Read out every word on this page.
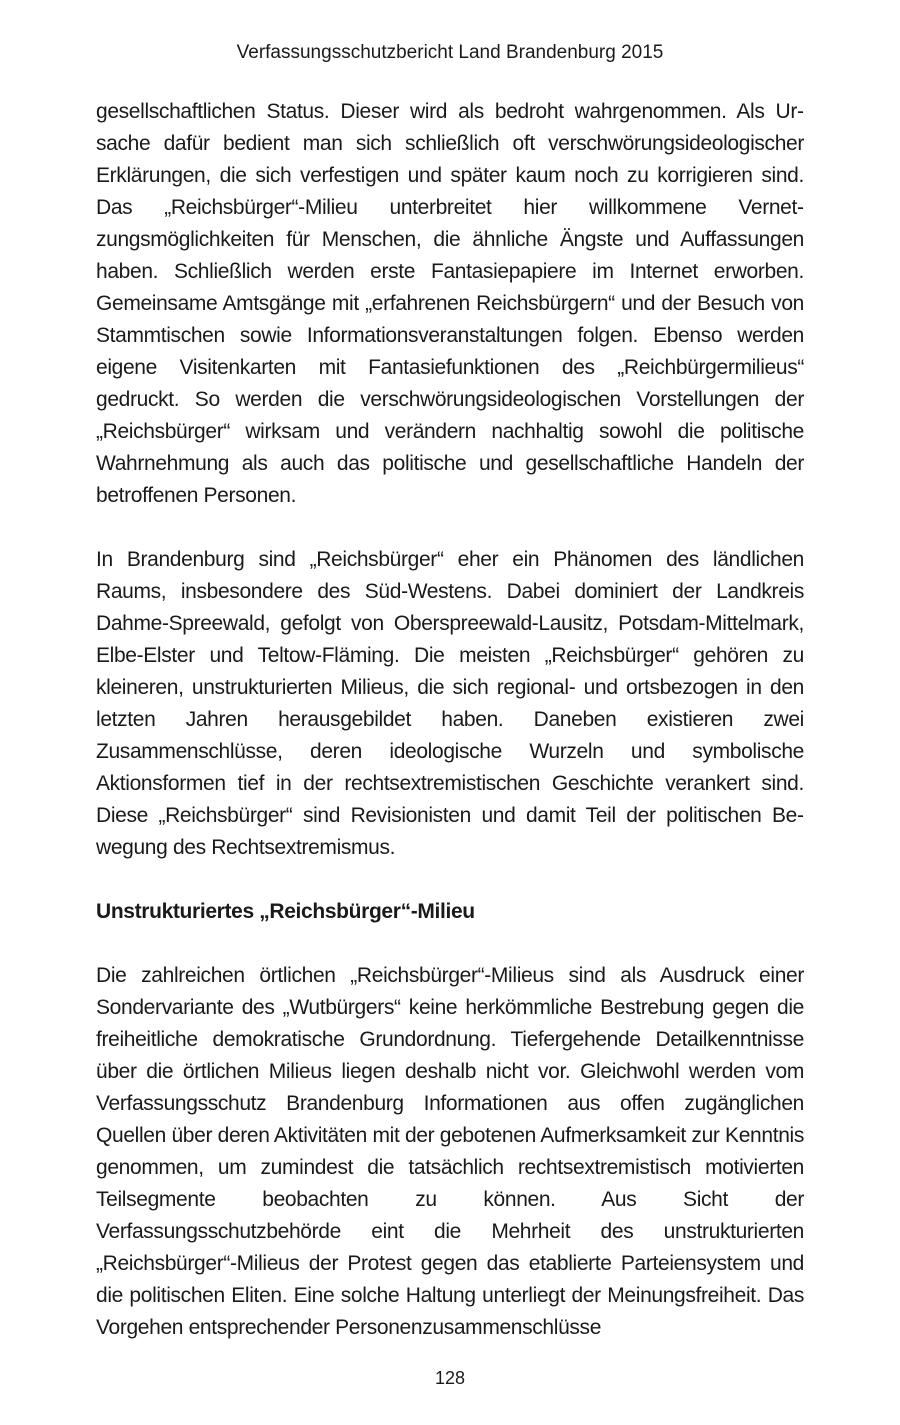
Verfassungsschutzbericht Land Brandenburg 2015

gesellschaftlichen Status. Dieser wird als bedroht wahrgenommen. Als Ursache dafür bedient man sich schließlich oft verschwörungsideologischer Erklärungen, die sich verfestigen und später kaum noch zu korrigieren sind. Das „Reichsbürger“-Milieu unterbreitet hier willkommene Vernetzungsmöglichkeiten für Menschen, die ähnliche Ängste und Auffassungen haben. Schließlich werden erste Fantasiepapiere im Internet erworben. Gemeinsame Amtsgänge mit „erfahrenen Reichsbürgern“ und der Besuch von Stammtischen sowie Informationsveranstaltungen folgen. Ebenso werden eigene Visitenkarten mit Fantasiefunktionen des „Reichbürgermilieus“ gedruckt. So werden die verschwörungsideologischen Vorstellungen der „Reichsbürger“ wirksam und verändern nachhaltig sowohl die politische Wahrnehmung als auch das politische und gesellschaftliche Handeln der betroffenen Personen.

In Brandenburg sind „Reichsbürger“ eher ein Phänomen des ländlichen Raums, insbesondere des Süd-Westens. Dabei dominiert der Landkreis Dahme-Spreewald, gefolgt von Oberspreewald-Lausitz, Potsdam-Mittelmark, Elbe-Elster und Teltow-Fläming. Die meisten „Reichsbürger“ gehören zu kleineren, unstrukturierten Milieus, die sich regional- und ortsbezogen in den letzten Jahren herausgebildet haben. Daneben existieren zwei Zusammenschlüsse, deren ideologische Wurzeln und symbolische Aktionsformen tief in der rechtsextremistischen Geschichte verankert sind. Diese „Reichsbürger“ sind Revisionisten und damit Teil der politischen Bewegung des Rechtsextremismus.

Unstrukturiertes „Reichsbürger“-Milieu

Die zahlreichen örtlichen „Reichsbürger“-Milieus sind als Ausdruck einer Sondervariante des „Wutbürgers“ keine herkömmliche Bestrebung gegen die freiheitliche demokratische Grundordnung. Tiefergehende Detailkenntnisse über die örtlichen Milieus liegen deshalb nicht vor. Gleichwohl werden vom Verfassungsschutz Brandenburg Informationen aus offen zugänglichen Quellen über deren Aktivitäten mit der gebotenen Aufmerksamkeit zur Kenntnis genommen, um zumindest die tatsächlich rechtsextremistisch motivierten Teilsegmente beobachten zu können. Aus Sicht der Verfassungsschutzbehörde eint die Mehrheit des unstrukturierten „Reichsbürger“-Milieus der Protest gegen das etablierte Parteiensystem und die politischen Eliten. Eine solche Haltung unterliegt der Meinungsfreiheit. Das Vorgehen entsprechender Personenzusammenschlüsse

128
